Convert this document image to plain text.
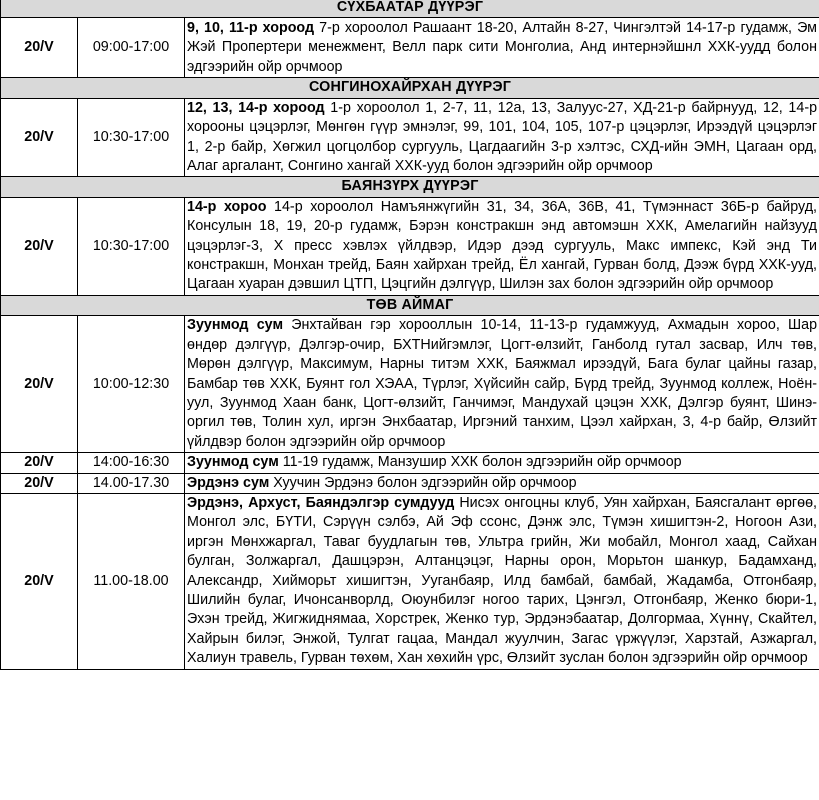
СҮХБААТАР ДҮҮРЭГ		
20/V	09:00-17:00	9, 10, 11-р хороод 7-р хороолол Рашаант 18-20, Алтайн 8-27, Чингэлтэй 14-17-р гудамж, Эм Жэй Пропертери менежмент, Велл парк сити Монголиа, Анд интернэйшнл ХХК-уудд болон эдгээрийн ойр орчмоор
СОНГИНОХАЙРХАН ДҮҮРЭГ		
20/V	10:30-17:00	12, 13, 14-р хороод 1-р хороолол 1, 2-7, 11, 12а, 13, Залуус-27, ХД-21-р байрнууд, 12, 14-р хорооны цэцэрлэг, Мөнгөн гүүр эмнэлэг, 99, 101, 104, 105, 107-р цэцэрлэг, Ирээдүй цэцэрлэг 1, 2-р байр, Хөгжил цогцолбор сургууль, Цагдаагийн 3-р хэлтэс, СХД-ийн ЭМН, Цагаан орд, Алаг аргалант, Сонгино хангай ХХК-ууд болон эдгээрийн ойр орчмоор
БАЯНЗҮРХ ДҮҮРЭГ		
20/V	10:30-17:00	14-р хороо 14-р хороолол Намъянжүгийн 31, 34, 36А, 36В, 41, Түмэннаст 36Б-р байруд, Консулын 18, 19, 20-р гудамж, Бэрэн констракшн энд автомэшн ХХК, Амелагийн найзууд цэцэрлэг-3, Х пресс хэвлэх үйлдвэр, Идэр дээд сургууль, Макс импекс, Кэй энд Ти констракшн, Монхан трейд, Баян хайрхан трейд, Ёл хангай, Гурван болд, Дээж бүрд ХХК-ууд, Цагаан хуаран дэвшил ЦТП, Цэцгийн дэлгүүр, Шилэн зах болон эдгээрийн ойр орчмоор
ТӨВ АЙМАГ		
20/V	10:00-12:30	Зуунмод сум Энхтайван гэр хорооллын 10-14, 11-13-р гудамжууд, Ахмадын хороо, Шар өндөр дэлгүүр, Дэлгэр-очир, БХТНийгэмлэг, Цогт-өлзийт, Ганболд гутал засвар, Илч төв, Мөрөн дэлгүүр, Максимум, Нарны титэм ХХК, Баяжмал ирээдүй, Бага булаг цайны газар, Бамбар төв ХХК, Буянт гол ХЭАА, Түрлэг, Хүйсийн сайр, Бүрд трейд, Зуунмод коллеж, Ноён-уул, Зуунмод Хаан банк, Цогт-өлзийт, Ганчимэг, Мандухай цэцэн ХХК, Дэлгэр буянт, Шинэ-оргил төв, Толин хул, иргэн Энхбаатар, Иргэний танхим, Цээл хайрхан, 3, 4-р байр, Өлзийт үйлдвэр болон эдгээрийн ойр орчмоор
20/V	14:00-16:30	Зуунмод сум 11-19 гудамж, Манзушир ХХК болон эдгээрийн ойр орчмоор
20/V	14.00-17.30	Эрдэнэ сум Хуучин Эрдэнэ болон эдгээрийн ойр орчмоор
20/V	11.00-18.00	Эрдэнэ, Архуст, Баяндэлгэр сумдууд Нисэх онгоцны клуб, Уян хайрхан, Баясгалант өргөө, Монгол элс, БҮТИ, Сэрүүн сэлбэ, Ай Эф ссонс, Дэнж элс, Түмэн хишигтэн-2, Ногоон Ази, иргэн Мөнхжаргал, Таваг буудлагын төв, Ультра грийн, Жи мобайл, Монгол хаад, Сайхан булган, Золжаргал, Дашцэрэн, Алтанцэцэг, Нарны орон, Морьтон шанкур, Бадамханд, Александр, Хийморьт хишигтэн, Ууганбаяр, Илд бамбай, бамбай, Жадамба, Отгонбаяр, Шилийн булаг, Ичонсанворлд, Оюунбилэг ногоо тарих, Цэнгэл, Отгонбаяр, Женко бюри-1, Эхэн трейд, Жигжиднямаа, Хорстрек, Женко тур, Эрдэнэбаатар, Долгормаа, Хүннү, Скайтел, Хайрын билэг, Энжой, Тулгат гацаа, Мандал жуулчин, Загас үржүүлэг, Харзтай, Азжаргал, Халиун травель, Гурван төхөм, Хан хөхийн үрс, Өлзийт зуслан болон эдгээрийн ойр орчмоор
